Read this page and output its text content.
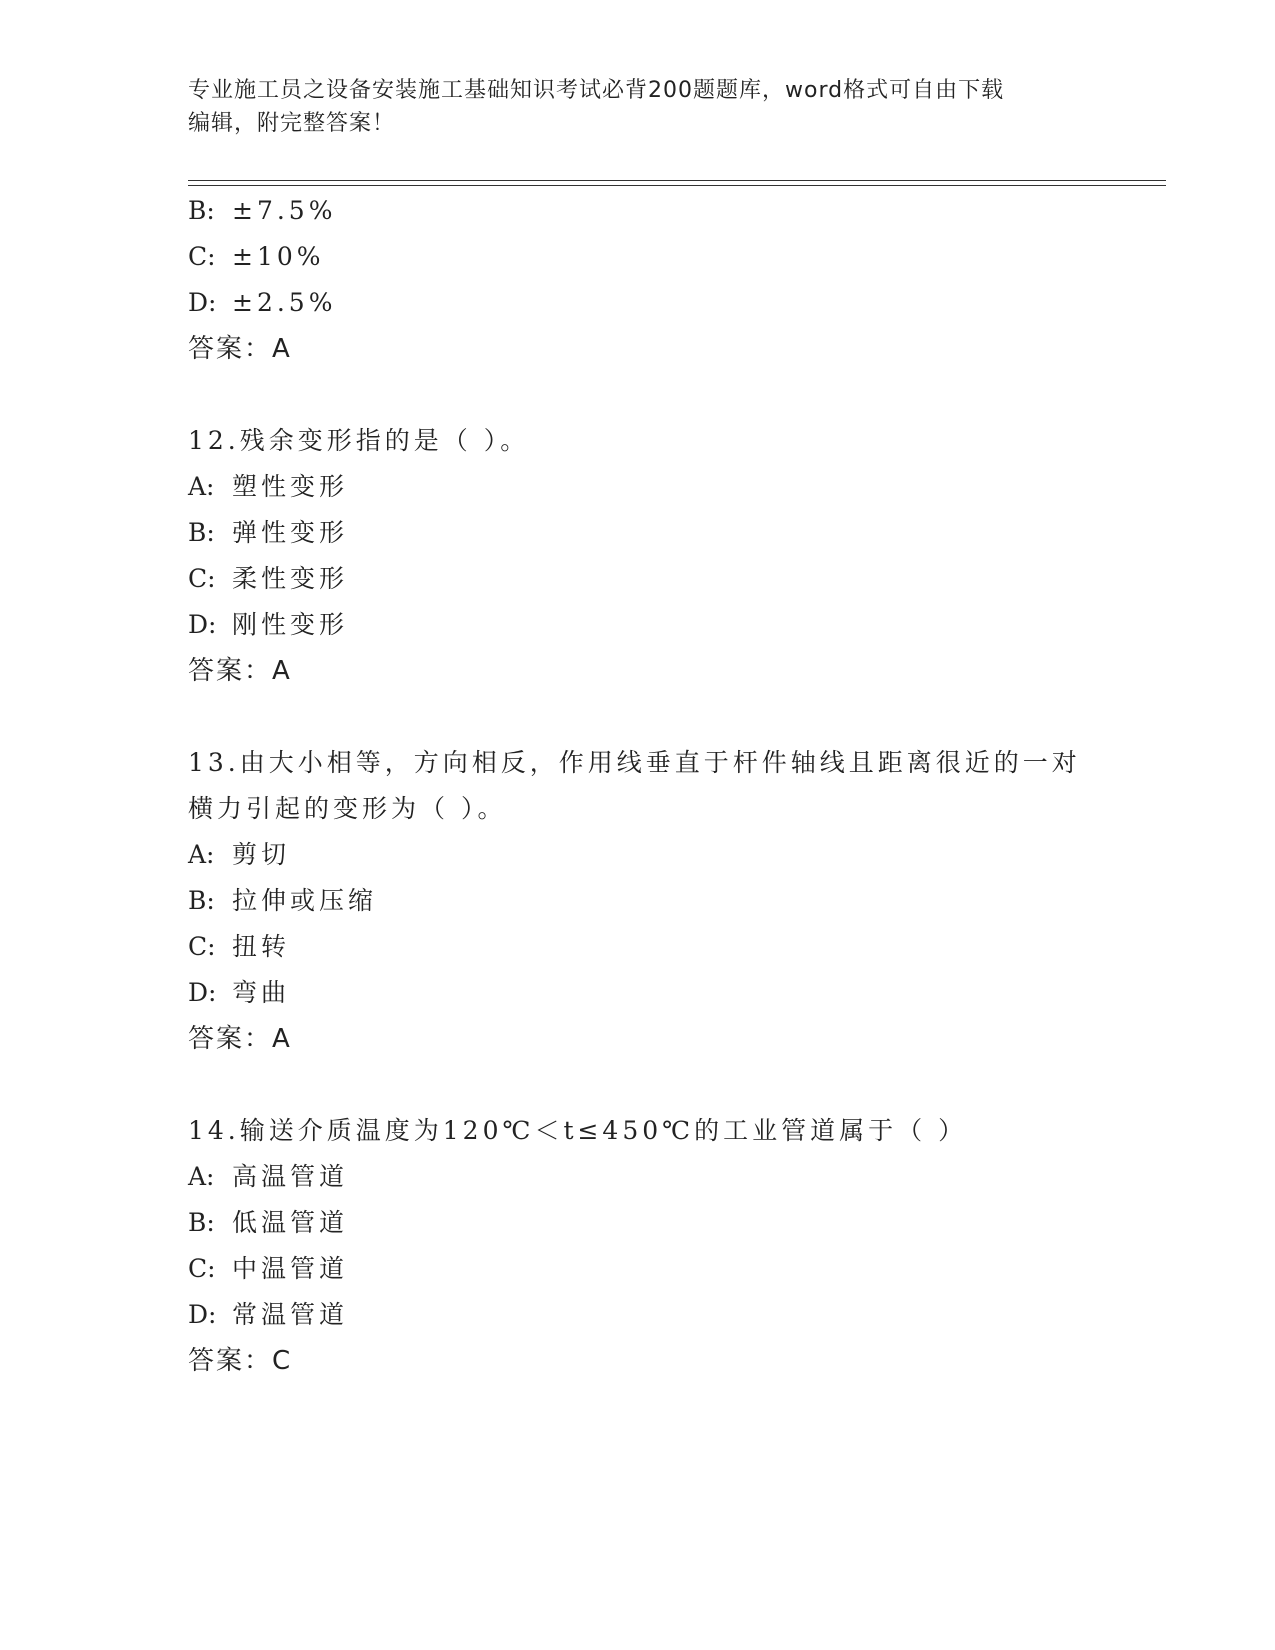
专业施工员之设备安装施工基础知识考试必背200题题库，word格式可自由下载
编辑，附完整答案！
B: ±7.5%
C: ±10%
D: ±2.5%
答案：A
12.残余变形指的是（ ）。
A: 塑性变形
B: 弹性变形
C: 柔性变形
D: 刚性变形
答案：A
13.由大小相等，方向相反，作用线垂直于杆件轴线且距离很近的一对
横力引起的变形为（ ）。
A: 剪切
B: 拉伸或压缩
C: 扭转
D: 弯曲
答案：A
14.输送介质温度为120℃＜t≤450℃的工业管道属于（ ）
A: 高温管道
B: 低温管道
C: 中温管道
D: 常温管道
答案：C
